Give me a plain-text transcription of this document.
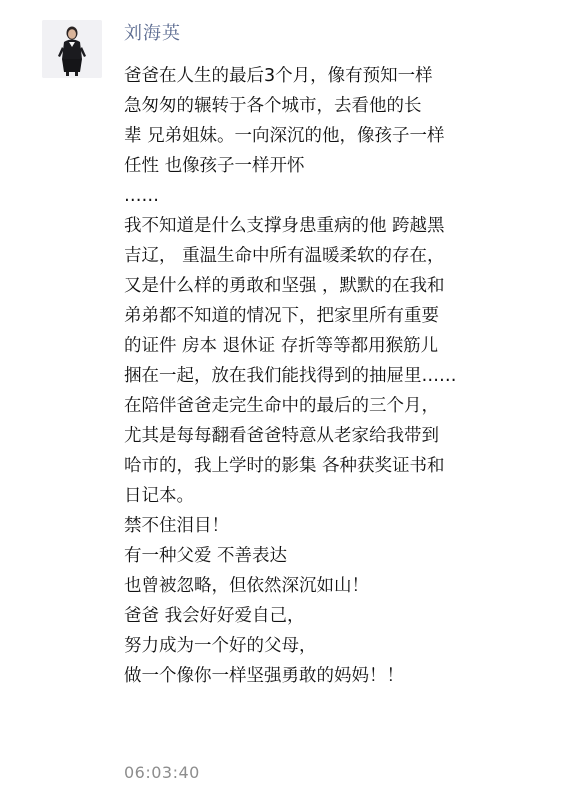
刘海英
爸爸在人生的最后3个月，像有预知一样
急匆匆的辗转于各个城市，去看他的长
辈 兄弟姐妹。一向深沉的他，像孩子一样
任性 也像孩子一样开怀
……
我不知道是什么支撑身患重病的他 跨越黑
吉辽， 重温生命中所有温暖柔软的存在，
又是什么样的勇敢和坚强 ，默默的在我和
弟弟都不知道的情况下，把家里所有重要
的证件 房本 退休证 存折等等都用猴筋儿
捆在一起，放在我们能找得到的抽屉里……
在陪伴爸爸走完生命中的最后的三个月，
尤其是每每翻看爸爸特意从老家给我带到
哈市的，我上学时的影集 各种获奖证书和
日记本。
禁不住泪目！
有一种父爱 不善表达
也曾被忽略，但依然深沉如山！
爸爸 我会好好爱自己，
努力成为一个好的父母，
做一个像你一样坚强勇敢的妈妈！！
06:03:40
